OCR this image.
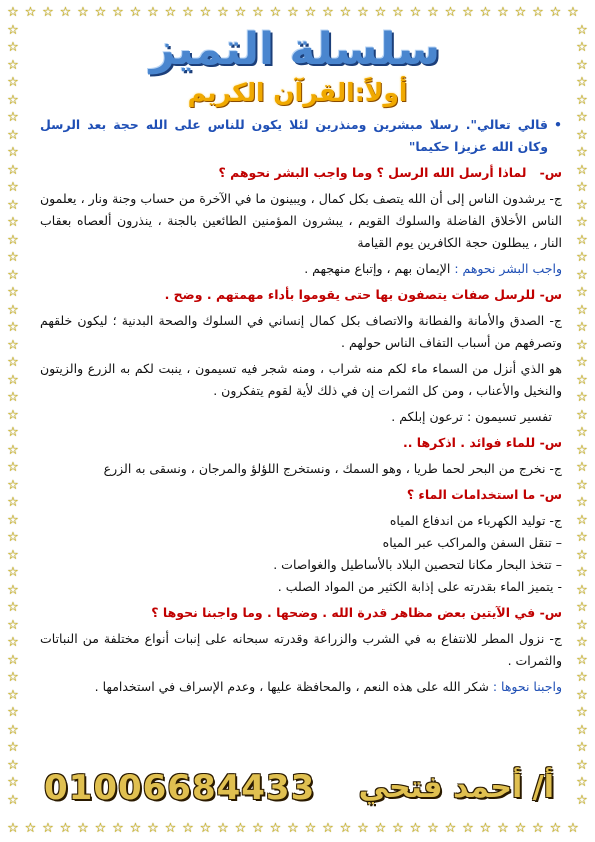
☆
☆
☆
☆
☆
☆
☆
☆
☆
☆
☆
☆
☆
☆
☆
☆
☆
☆
☆
☆
☆
☆
☆
☆
☆
☆
☆
☆
☆
☆
☆
☆
☆
☆
☆
☆
☆
☆
☆
☆
☆
☆
☆
☆
☆
☆
☆
☆
☆
☆
☆
☆
☆
☆
☆
☆
☆
☆
☆
☆
☆
☆
☆
☆
☆
☆
☆	☆
☆	☆
☆	☆
☆	☆
☆	☆
☆	☆
☆	☆
☆	☆
☆	☆
☆	☆
☆	☆
☆	☆
☆	☆
☆	☆
☆	☆
☆	☆
☆	☆
☆	☆
☆	☆
☆	☆
☆	☆
☆	☆
☆	☆
☆	☆
☆	☆
☆	☆
☆	☆
☆	☆
☆	☆
☆	☆
☆	☆
☆	☆
☆	☆
☆	☆
☆	☆
☆	☆
☆	☆
☆	☆
☆	☆
☆	☆
☆	☆
☆	☆
☆	☆
☆	☆
☆	☆
سلسلة التميز
أولاً:القرآن الكريم

•
قالي تعالي". رسلا مبشرين ومنذرين لئلا يكون للناس على الله حجة بعد الرسل وكان الله عزيزا حكيما"

س-   لماذا أرسل الله الرسل ؟ وما واجب البشر نحوهم ؟

ج- يرشدون الناس إلى أن الله يتصف بكل كمال ، ويبينون ما في الآخرة من حساب وجنة ونار ، يعلمون الناس الأخلاق الفاضلة والسلوك القويم ، يبشرون المؤمنين الطائعين بالجنة ، ينذرون ألعصاه بعقاب النار ، يبطلون حجة الكافرين يوم القيامة

واجب البشر نحوهم : الإيمان بهم ، وإتباع منهجهم .

س- للرسل صفات يتصفون بها حتى يقوموا بأداء مهمتهم . وضح .

ج- الصدق والأمانة والفطانة والاتصاف بكل كمال إنساني في السلوك والصحة البدنية ؛ ليكون خلقهم وتصرفهم من أسباب التفاف الناس حولهم .

هو الذي أنزل من السماء ماء لكم منه شراب ، ومنه شجر فيه تسيمون ، ينبت لكم به الزرع والزيتون والنخيل والأعناب ، ومن كل الثمرات إن في ذلك لأية لقوم يتفكرون .

تفسير تسيمون : ترعون إبلكم .

س- للماء فوائد . اذكرها ..

ج- نخرج من البحر لحما طريا ، وهو السمك ، ونستخرج اللؤلؤ والمرجان ، ونسقى به الزرع

س- ما استخدامات الماء ؟

ج- توليد الكهرباء من اندفاع المياه

– تنقل السفن والمراكب عبر المياه

– تتخذ البحار مكانا لتحصين البلاد بالأساطيل والغواصات .

- يتميز الماء بقدرته على إذابة الكثير من المواد الصلب .

س- في الآيتين بعض مظاهر قدرة الله . وضحها . وما واجبنا نحوها ؟

ج- نزول المطر للانتفاع به في الشرب والزراعة وقدرته سبحانه على إنبات أنواع مختلفة من النباتات والثمرات .

واجبنا نحوها : شكر الله على هذه النعم ، والمحافظة عليها ، وعدم الإسراف في استخدامها .

01006684433 أ/ أحمد فتحي
